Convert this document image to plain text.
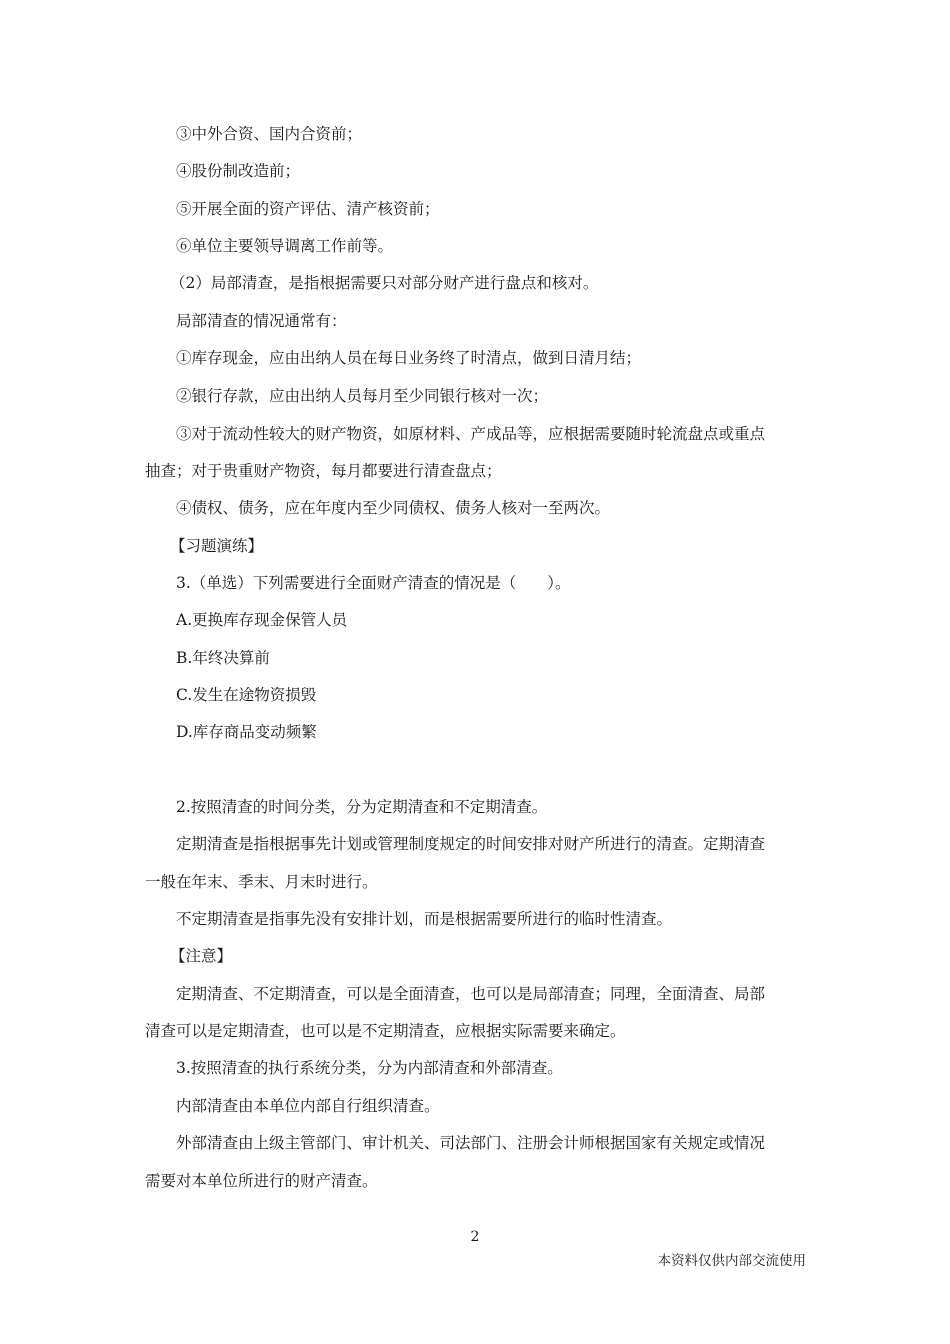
③中外合资、国内合资前；
④股份制改造前；
⑤开展全面的资产评估、清产核资前；
⑥单位主要领导调离工作前等。
（2）局部清查，是指根据需要只对部分财产进行盘点和核对。
局部清查的情况通常有：
①库存现金，应由出纳人员在每日业务终了时清点，做到日清月结；
②银行存款，应由出纳人员每月至少同银行核对一次；
③对于流动性较大的财产物资，如原材料、产成品等，应根据需要随时轮流盘点或重点
抽查；对于贵重财产物资，每月都要进行清查盘点；
④债权、债务，应在年度内至少同债权、债务人核对一至两次。
【习题演练】
3.（单选）下列需要进行全面财产清查的情况是（　　）。
A.更换库存现金保管人员
B.年终决算前
C.发生在途物资损毁
D.库存商品变动频繁
2.按照清查的时间分类，分为定期清查和不定期清查。
定期清查是指根据事先计划或管理制度规定的时间安排对财产所进行的清查。定期清查
一般在年末、季末、月末时进行。
不定期清查是指事先没有安排计划，而是根据需要所进行的临时性清查。
【注意】
定期清查、不定期清查，可以是全面清查，也可以是局部清查；同理，全面清查、局部
清查可以是定期清查，也可以是不定期清查，应根据实际需要来确定。
3.按照清查的执行系统分类，分为内部清查和外部清查。
内部清查由本单位内部自行组织清查。
外部清查由上级主管部门、审计机关、司法部门、注册会计师根据国家有关规定或情况
需要对本单位所进行的财产清查。
2
本资料仅供内部交流使用
